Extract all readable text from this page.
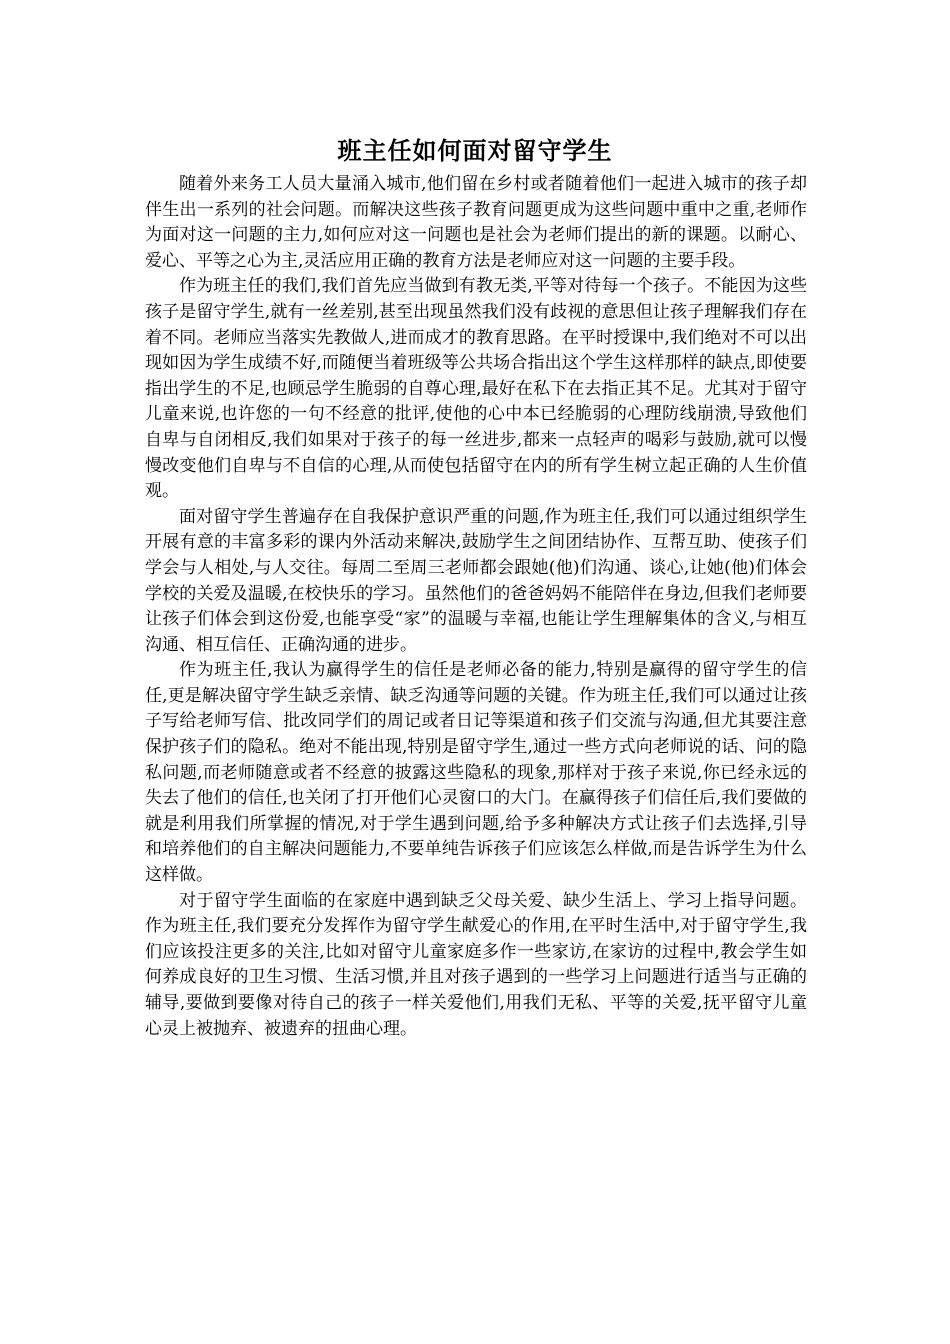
班主任如何面对留守学生

随着外来务工人员大量涌入城市,他们留在乡村或者随着他们一起进入城市的孩子却伴生出一系列的社会问题。而解决这些孩子教育问题更成为这些问题中重中之重,老师作为面对这一问题的主力,如何应对这一问题也是社会为老师们提出的新的课题。以耐心、爱心、平等之心为主,灵活应用正确的教育方法是老师应对这一问题的主要手段。

作为班主任的我们,我们首先应当做到有教无类,平等对待每一个孩子。不能因为这些孩子是留守学生,就有一丝差别,甚至出现虽然我们没有歧视的意思但让孩子理解我们存在着不同。老师应当落实先教做人,进而成才的教育思路。在平时授课中,我们绝对不可以出现如因为学生成绩不好,而随便当着班级等公共场合指出这个学生这样那样的缺点,即使要指出学生的不足,也顾忌学生脆弱的自尊心理,最好在私下在去指正其不足。尤其对于留守儿童来说,也许您的一句不经意的批评,使他的心中本已经脆弱的心理防线崩溃,导致他们自卑与自闭相反,我们如果对于孩子的每一丝进步,都来一点轻声的喝彩与鼓励,就可以慢慢改变他们自卑与不自信的心理,从而使包括留守在内的所有学生树立起正确的人生价值观。

面对留守学生普遍存在自我保护意识严重的问题,作为班主任,我们可以通过组织学生开展有意的丰富多彩的课内外活动来解决,鼓励学生之间团结协作、互帮互助、使孩子们学会与人相处,与人交往。每周二至周三老师都会跟她(他)们沟通、谈心,让她(他)们体会学校的关爱及温暖,在校快乐的学习。虽然他们的爸爸妈妈不能陪伴在身边,但我们老师要让孩子们体会到这份爱,也能享受“家”的温暖与幸福,也能让学生理解集体的含义,与相互沟通、相互信任、正确沟通的进步。

作为班主任,我认为赢得学生的信任是老师必备的能力,特别是赢得的留守学生的信任,更是解决留守学生缺乏亲情、缺乏沟通等问题的关键。作为班主任,我们可以通过让孩子写给老师写信、批改同学们的周记或者日记等渠道和孩子们交流与沟通,但尤其要注意保护孩子们的隐私。绝对不能出现,特别是留守学生,通过一些方式向老师说的话、问的隐私问题,而老师随意或者不经意的披露这些隐私的现象,那样对于孩子来说,你已经永远的失去了他们的信任,也关闭了打开他们心灵窗口的大门。在赢得孩子们信任后,我们要做的就是利用我们所掌握的情况,对于学生遇到问题,给予多种解决方式让孩子们去选择,引导和培养他们的自主解决问题能力,不要单纯告诉孩子们应该怎么样做,而是告诉学生为什么这样做。

对于留守学生面临的在家庭中遇到缺乏父母关爱、缺少生活上、学习上指导问题。作为班主任,我们要充分发挥作为留守学生献爱心的作用,在平时生活中,对于留守学生,我们应该投注更多的关注,比如对留守儿童家庭多作一些家访,在家访的过程中,教会学生如何养成良好的卫生习惯、生活习惯,并且对孩子遇到的一些学习上问题进行适当与正确的辅导,要做到要像对待自己的孩子一样关爱他们,用我们无私、平等的关爱,抚平留守儿童心灵上被抛弃、被遗弃的扭曲心理。
